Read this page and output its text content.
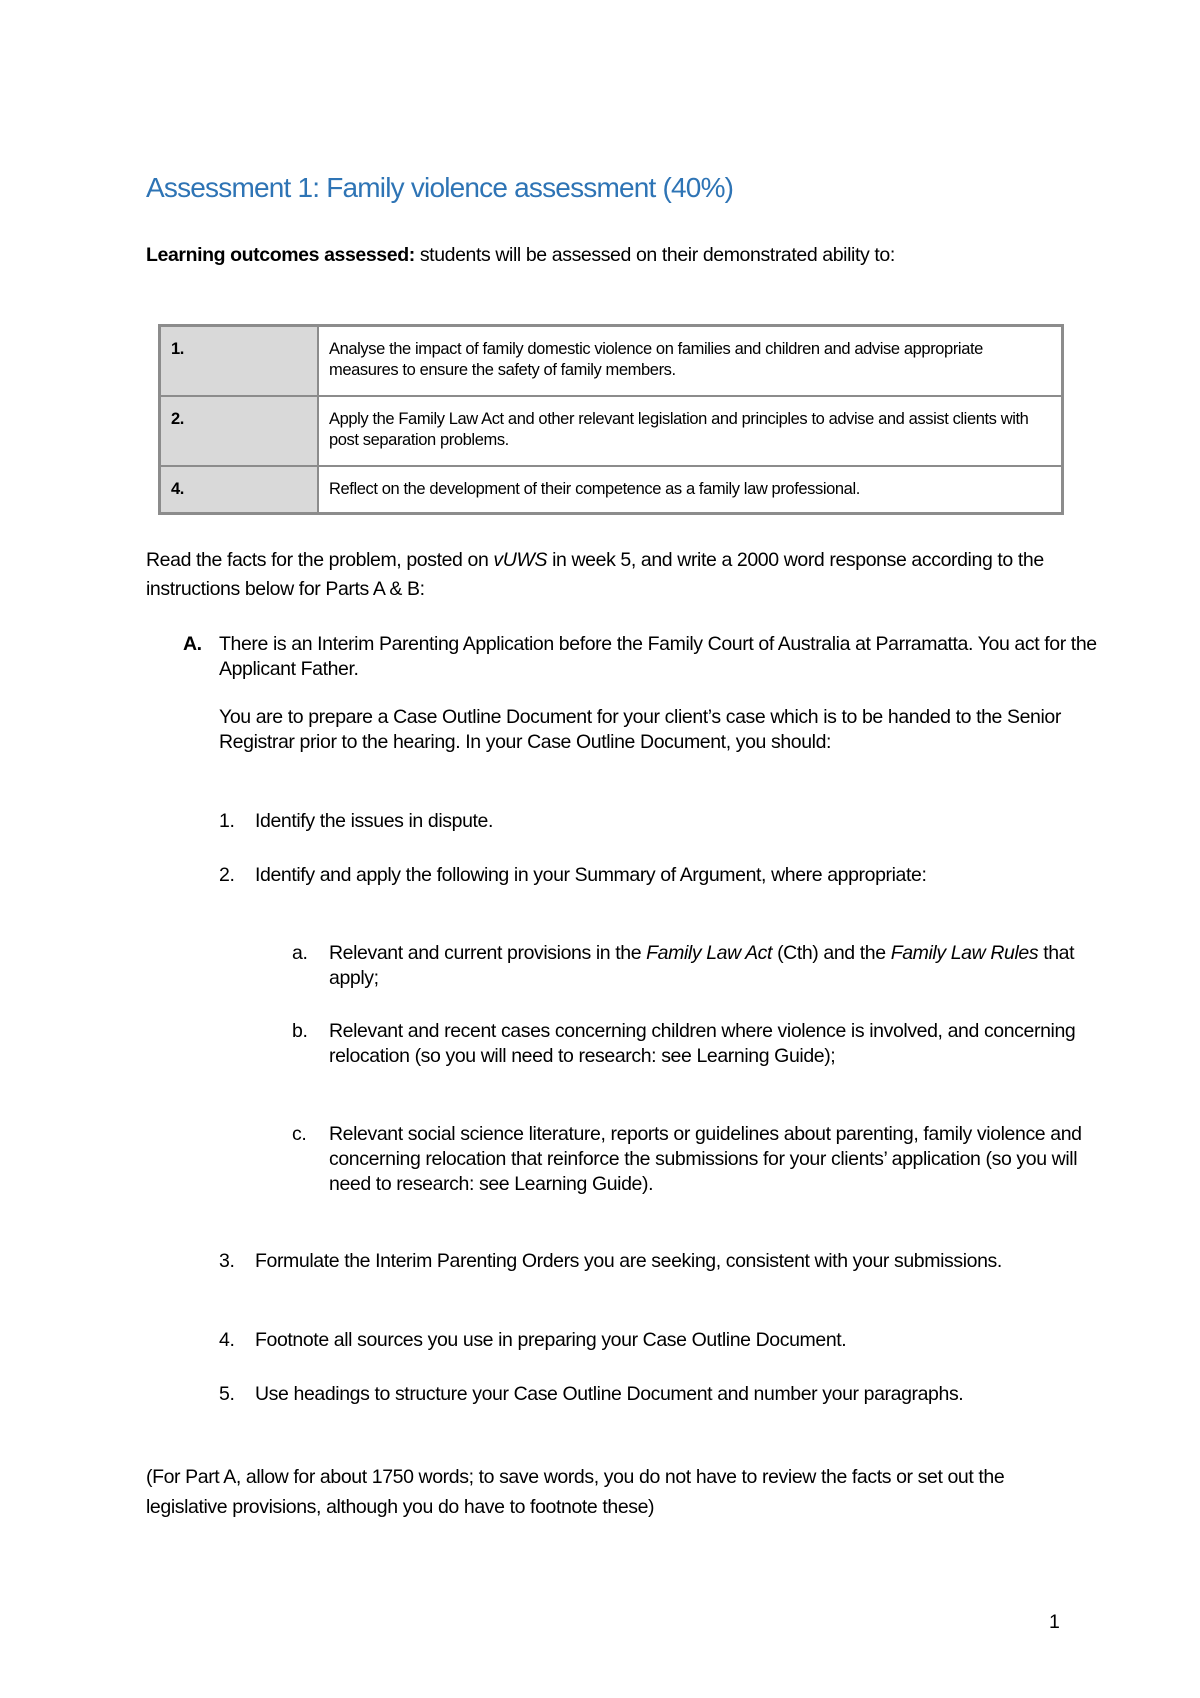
Assessment 1: Family violence assessment (40%)
Learning outcomes assessed: students will be assessed on their demonstrated ability to:
1.	Analyse the impact of family domestic violence on families and children and advise appropriate measures to ensure the safety of family members.
2.	Apply the Family Law Act and other relevant legislation and principles to advise and assist clients with post separation problems.
4.	Reflect on the development of their competence as a family law professional.
Read the facts for the problem, posted on vUWS in week 5, and write a 2000 word response according to the instructions below for Parts A & B:
A. There is an Interim Parenting Application before the Family Court of Australia at Parramatta. You act for the Applicant Father.
You are to prepare a Case Outline Document for your client’s case which is to be handed to the Senior Registrar prior to the hearing. In your Case Outline Document, you should:
1. Identify the issues in dispute.
2. Identify and apply the following in your Summary of Argument, where appropriate:
a. Relevant and current provisions in the Family Law Act (Cth) and the Family Law Rules that apply;
b. Relevant and recent cases concerning children where violence is involved, and concerning relocation (so you will need to research: see Learning Guide);
c. Relevant social science literature, reports or guidelines about parenting, family violence and concerning relocation that reinforce the submissions for your clients’ application (so you will need to research: see Learning Guide).
3. Formulate the Interim Parenting Orders you are seeking, consistent with your submissions.
4. Footnote all sources you use in preparing your Case Outline Document.
5. Use headings to structure your Case Outline Document and number your paragraphs.
(For Part A, allow for about 1750 words; to save words, you do not have to review the facts or set out the legislative provisions, although you do have to footnote these)
1
